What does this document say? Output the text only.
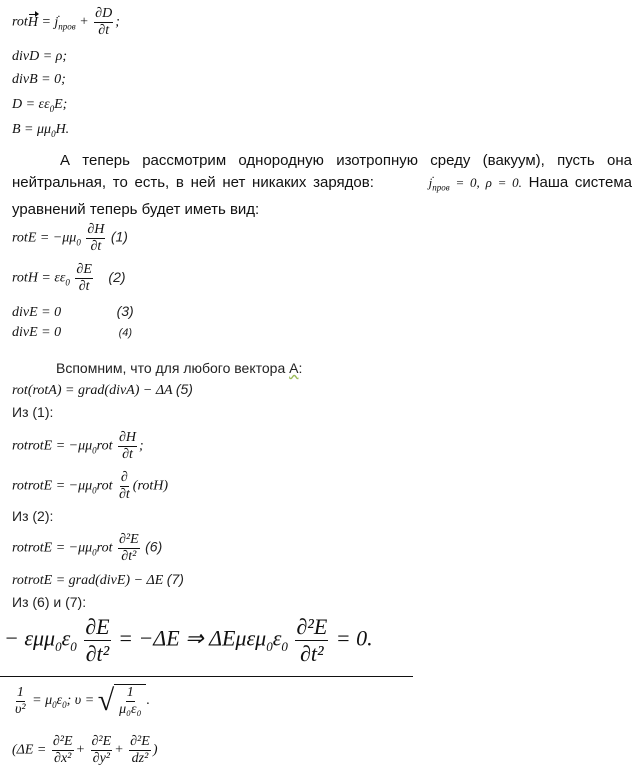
rotH = . $j_{пров} + \frac{\partial D}{\partial t}$ ;
divD = ρ;
divB = 0;
$D = \varepsilon\varepsilon_0E$;
$B = \mu\mu_0H$.
А теперь рассмотрим однородную изотропную среду (вакуум), пусть она нейтральная, то есть, в ней нет никаких зарядов:	. $j_{пров} = 0$, ρ = 0. Наша система уравнений теперь будет иметь вид:
rotE = $-\mu\mu_0 \frac{\partial H}{\partial t} (1)$
rotH = $\varepsilon\varepsilon_0 \frac{\partial E}{\partial t} (2)$
divE = 0	(3)
divE = 0	(4)
Вспомним, что для любого вектора А:
rot(rotA) = grad(divA) − ΔA (5)
Из (1):
rotrotE = $-\mu\mu_0rot \frac{\partial H}{\partial t}$ ;
rotrotE = $-\mu\mu_0rot \frac{\partial}{\partial t}$ (rotH)
Из (2):
rotrotE = $-\mu\mu_0rot \frac{\text{∂²E}}{\text{∂t²}} (6)$
rotrotE = grad(divE) − ΔE (7)
Из (6) и (7):
− $\varepsilon\mu\mu_0\varepsilon_0 \frac{\partial E}{\text{∂t²}} = -\Delta E$ ⇒ $\Delta E\mu\varepsilon\mu_0\varepsilon_0 \frac{\text{∂²E}}{\text{∂t²}} = 0$.
$\frac{1}{\text{υ²}} = \mu_0\varepsilon_0$; υ = √ $\frac{1}{\text{μ₀ε₀}}$ .
($\Delta E = \frac{\text{∂²E}}{\text{∂x²}} + \frac{\text{∂²E}}{\text{∂y²}} + \frac{\text{∂²E}}{\text{dz²}}$ )
